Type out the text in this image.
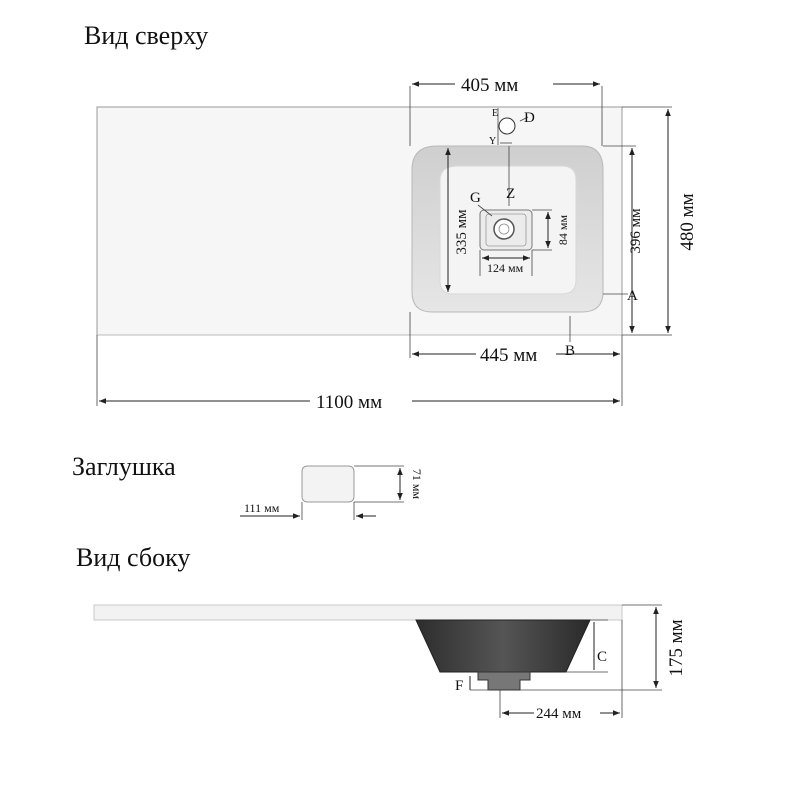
Вид сверху
E D
Y
Z
G
405 мм
480 мм
396 мм
A
335 мм	84 мм
124 мм
B
445 мм
1100 мм
Заглушка
71 мм
111 мм
Вид сбоку
C
F
175 мм
244 мм
